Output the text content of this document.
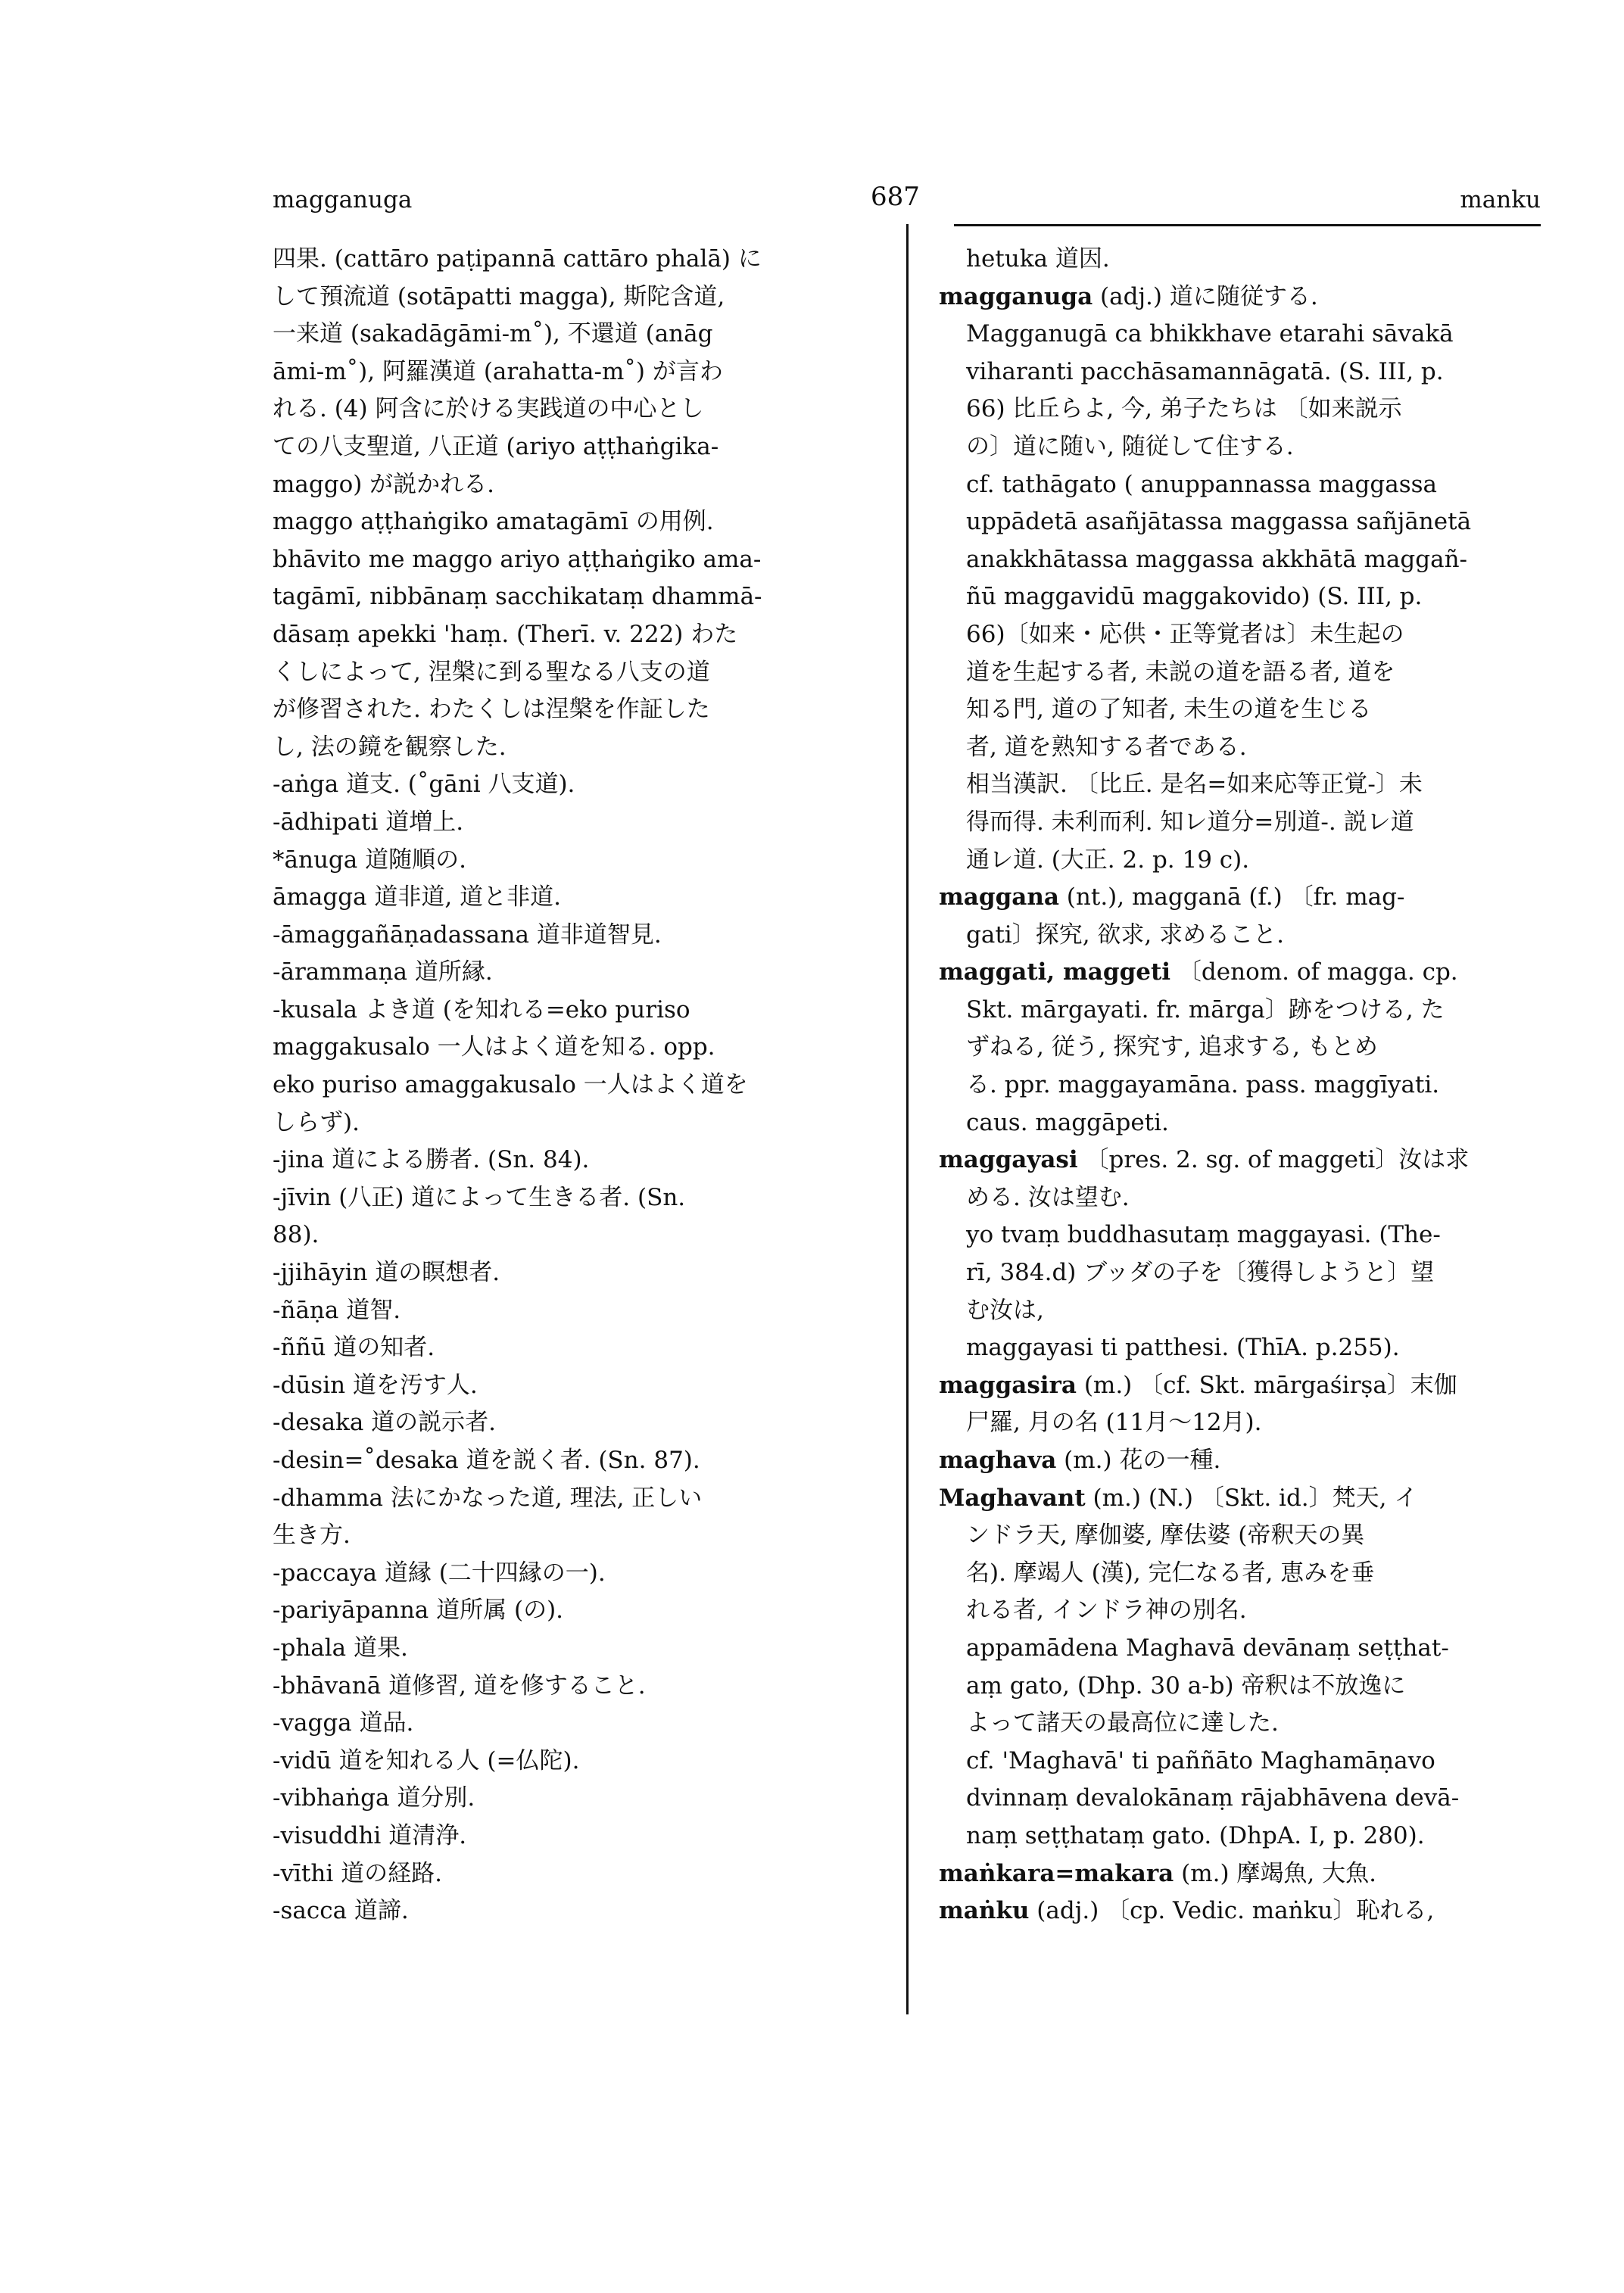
magganuga	687	manku
四果. (cattāro paṭipannā cattāro phalā) に
して預流道 (sotāpatti magga), 斯陀含道,
一来道 (sakadāgāmi-m˚), 不還道 (anāg
āmi-m˚), 阿羅漢道 (arahatta-m˚) が言わ
れる. (4) 阿含に於ける実践道の中心とし
ての八支聖道, 八正道 (ariyo aṭṭhaṅgika-
maggo) が説かれる.
maggo aṭṭhaṅgiko amatagāmī の用例.
bhāvito me maggo ariyo aṭṭhaṅgiko ama-
tagāmī, nibbānaṃ sacchikataṃ dhammā-
dāsaṃ apekki 'haṃ. (Therī. v. 222) わた
くしによって, 涅槃に到る聖なる八支の道
が修習された. わたくしは涅槃を作証した
し, 法の鏡を観察した.
-aṅga 道支. (˚gāni 八支道).
-ādhipati 道増上.
*ānuga 道随順の.
āmagga 道非道, 道と非道.
-āmaggañāṇadassana 道非道智見.
-ārammaṇa 道所縁.
-kusala よき道 (を知れる=eko puriso
maggakusalo 一人はよく道を知る. opp.
eko puriso amaggakusalo 一人はよく道を
しらず).
-jina 道による勝者. (Sn. 84).
-jīvin (八正) 道によって生きる者. (Sn.
88).
-jjihāyin 道の瞑想者.
-ñāṇa 道智.
-ññū 道の知者.
-dūsin 道を汚す人.
-desaka 道の説示者.
-desin=˚desaka 道を説く者. (Sn. 87).
-dhamma 法にかなった道, 理法, 正しい
生き方.
-paccaya 道縁 (二十四縁の一).
-pariyāpanna 道所属 (の).
-phala 道果.
-bhāvanā 道修習, 道を修すること.
-vagga 道品.
-vidū 道を知れる人 (=仏陀).
-vibhaṅga 道分別.
-visuddhi 道清浄.
-vīthi 道の経路.
-sacca 道諦.
hetuka 道因.
magganuga (adj.) 道に随従する.
Magganugā ca bhikkhave etarahi sāvakā
viharanti pacchāsamannāgatā. (S. III, p.
66) 比丘らよ, 今, 弟子たちは 〔如来説示
の〕道に随い, 随従して住する.
cf. tathāgato ( anuppannassa maggassa
uppādetā asañjātassa maggassa sañjānetā
anakkhātassa maggassa akkhātā maggañ-
ñū maggavidū maggakovido) (S. III, p.
66)〔如来・応供・正等覚者は〕未生起の
道を生起する者, 未説の道を語る者, 道を
知る門, 道の了知者, 未生の道を生じる
者, 道を熟知する者である.
相当漢訳. 〔比丘. 是名=如来応等正覚-〕未
得而得. 未利而利. 知レ道分=別道-. 説レ道
通レ道. (大正. 2. p. 19 c).
maggana (nt.), magganā (f.) 〔fr. mag-
gati〕探究, 欲求, 求めること.
maggati, maggeti 〔denom. of magga. cp.
Skt. mārgayati. fr. mārga〕跡をつける, た
ずねる, 従う, 探究す, 追求する, もとめ
る. ppr. maggayamāna. pass. maggīyati.
caus. maggāpeti.
maggayasi 〔pres. 2. sg. of maggeti〕汝は求
める. 汝は望む.
yo tvaṃ buddhasutaṃ maggayasi. (The-
rī, 384.d) ブッダの子を〔獲得しようと〕望
む汝は,
maggayasi ti patthesi. (ThīA. p.255).
maggasira (m.) 〔cf. Skt. mārgaśirṣa〕末伽
尸羅, 月の名 (11月〜12月).
maghava (m.) 花の一種.
Maghavant (m.) (N.) 〔Skt. id.〕梵天, イ
ンドラ天, 摩伽婆, 摩佉婆 (帝釈天の異
名). 摩竭人 (漢), 完仁なる者, 恵みを垂
れる者, インドラ神の別名.
appamādena Maghavā devānaṃ seṭṭhat-
aṃ gato, (Dhp. 30 a-b) 帝釈は不放逸に
よって諸天の最高位に達した.
cf. 'Maghavā' ti paññāto Maghamāṇavo
dvinnaṃ devalokānaṃ rājabhāvena devā-
naṃ seṭṭhataṃ gato. (DhpA. I, p. 280).
maṅkara=makara (m.) 摩竭魚, 大魚.
maṅku (adj.) 〔cp. Vedic. maṅku〕恥れる,
